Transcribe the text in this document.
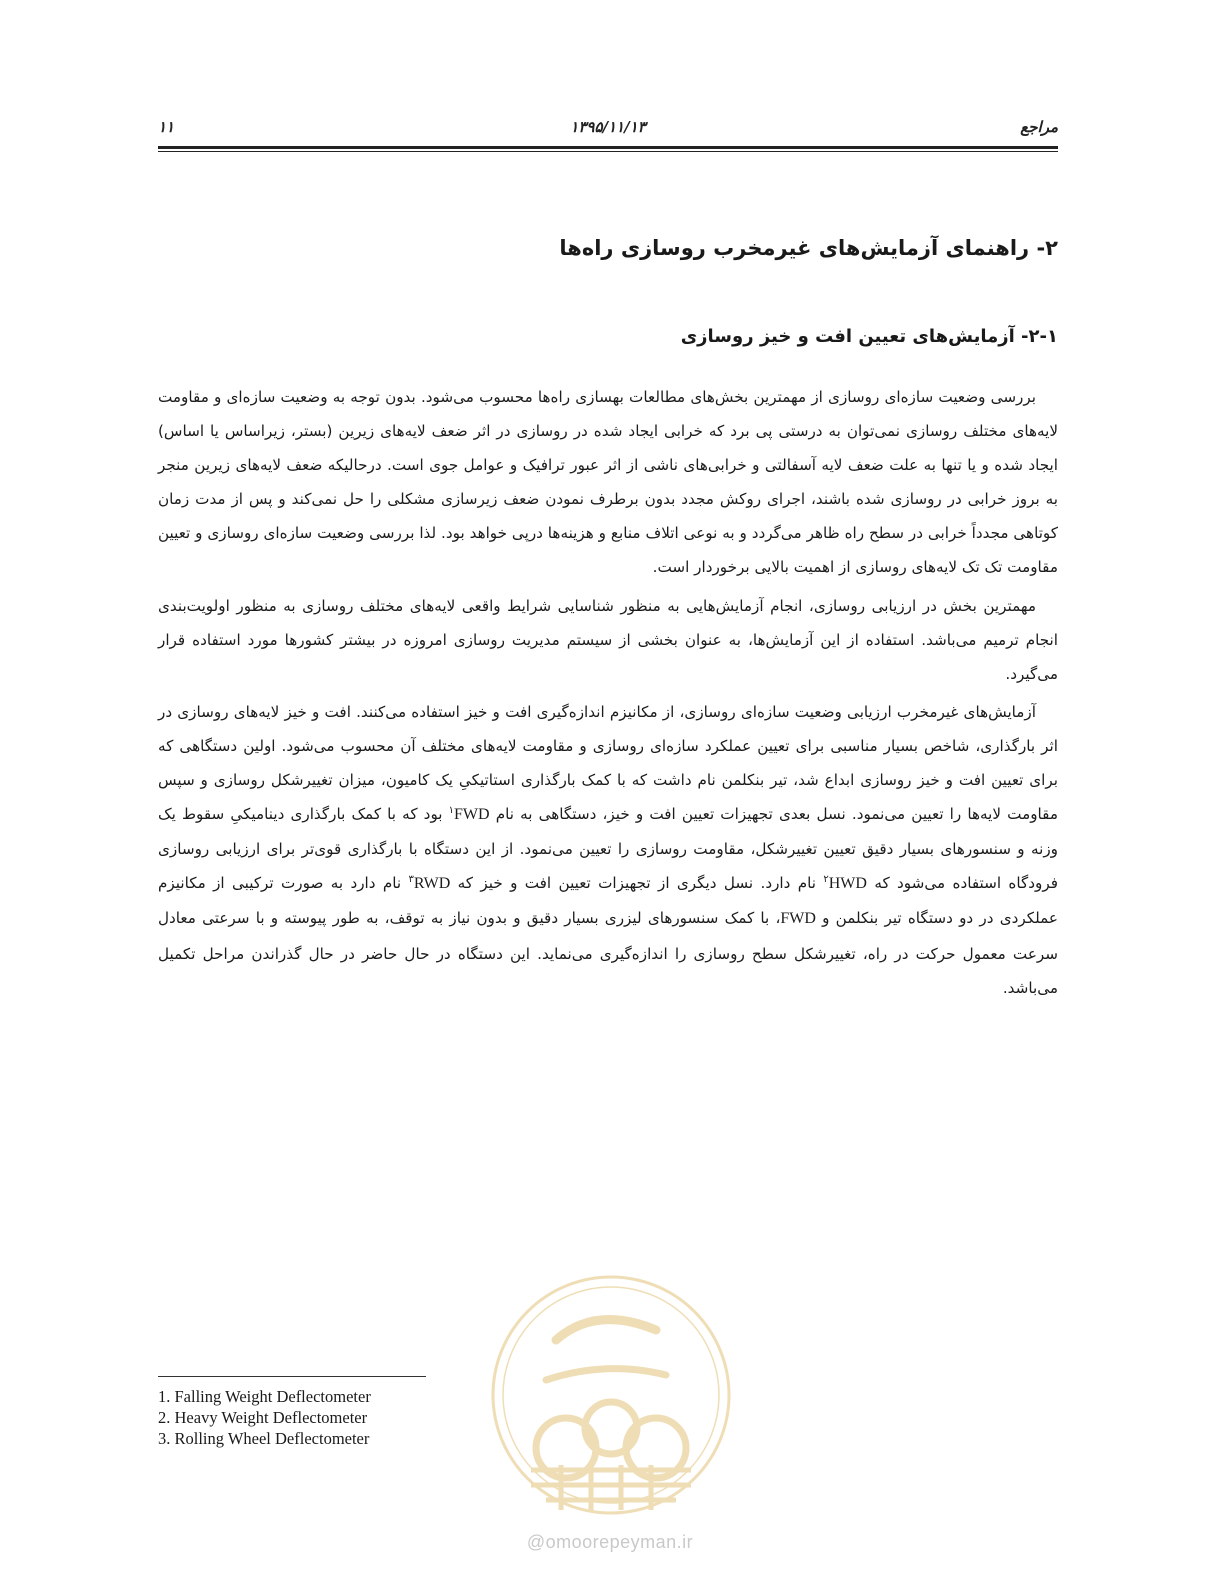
مراجع
۱۳۹۵/۱۱/۱۳
۱۱
۲- راهنمای آزمایش‌های غیرمخرب روسازی راه‌ها
۲-۱- آزمایش‌های تعیین افت و خیز روسازی

بررسی وضعیت سازه‌ای روسازی از مهمترین بخش‌های مطالعات بهسازی راه‌ها محسوب می‌شود. بدون توجه به وضعیت سازه‌ای و مقاومت لایه‌های مختلف روسازی نمی‌توان به درستی پی برد که خرابی ایجاد شده در روسازی در اثر ضعف لایه‌های زیرین (بستر، زیراساس یا اساس) ایجاد شده و یا تنها به علت ضعف لایه آسفالتی و خرابی‌های ناشی از اثر عبور ترافیک و عوامل جوی است. درحالیکه ضعف لایه‌های زیرین منجر به بروز خرابی در روسازی شده باشند، اجرای روکش مجدد بدون برطرف نمودن ضعف زیرسازی مشکلی را حل نمی‌کند و پس از مدت زمان کوتاهی مجدداً خرابی در سطح راه ظاهر می‌گردد و به نوعی اتلاف منابع و هزینه‌ها درپی خواهد بود. لذا بررسی وضعیت سازه‌ای روسازی و تعیین مقاومت تک تک لایه‌های روسازی از اهمیت بالایی برخوردار است.

مهمترین بخش در ارزیابی روسازی، انجام آزمایش‌هایی به منظور شناسایی شرایط واقعی لایه‌های مختلف روسازی به منظور اولویت‌بندی انجام ترمیم می‌باشد. استفاده از این آزمایش‌ها، به عنوان بخشی از سیستم مدیریت روسازی امروزه در بیشتر کشورها مورد استفاده قرار می‌گیرد.

آزمایش‌های غیرمخرب ارزیابی وضعیت سازه‌ای روسازی، از مکانیزم اندازه‌گیری افت و خیز استفاده می‌کنند. افت و خیز لایه‌های روسازی در اثر بارگذاری، شاخص بسیار مناسبی برای تعیین عملکرد سازه‌ای روسازی و مقاومت لایه‌های مختلف آن محسوب می‌شود. اولین دستگاهی که برای تعیین افت و خیز روسازی ابداع شد، تیر بنکلمن نام داشت که با کمک بارگذاری استاتیکیِ یک کامیون، میزان تغییرشکل روسازی و سپس مقاومت لایه‌ها را تعیین می‌نمود. نسل بعدی تجهیزات تعیین افت و خیز، دستگاهی به نام FWD$^۱$ بود که با کمک بارگذاری دینامیکیِ سقوط یک وزنه و سنسورهای بسیار دقیق تعیین تغییرشکل، مقاومت روسازی را تعیین می‌نمود. از این دستگاه با بارگذاری قوی‌تر برای ارزیابی روسازی فرودگاه استفاده می‌شود که HWD$^۲$ نام دارد. نسل دیگری از تجهیزات تعیین افت و خیز که RWD$^۳$ نام دارد به صورت ترکیبی از مکانیزم عملکردی در دو دستگاه تیر بنکلمن و FWD، با کمک سنسورهای لیزری بسیار دقیق و بدون نیاز به توقف، به طور پیوسته و با سرعتی معادل سرعت معمول حرکت در راه، تغییرشکل سطح روسازی را اندازه‌گیری می‌نماید. این دستگاه در حال حاضر در حال گذراندن مراحل تکمیل می‌باشد.

@omoorepeyman.ir
1. Falling Weight Deflectometer
2. Heavy Weight Deflectometer
3. Rolling Wheel Deflectometer
